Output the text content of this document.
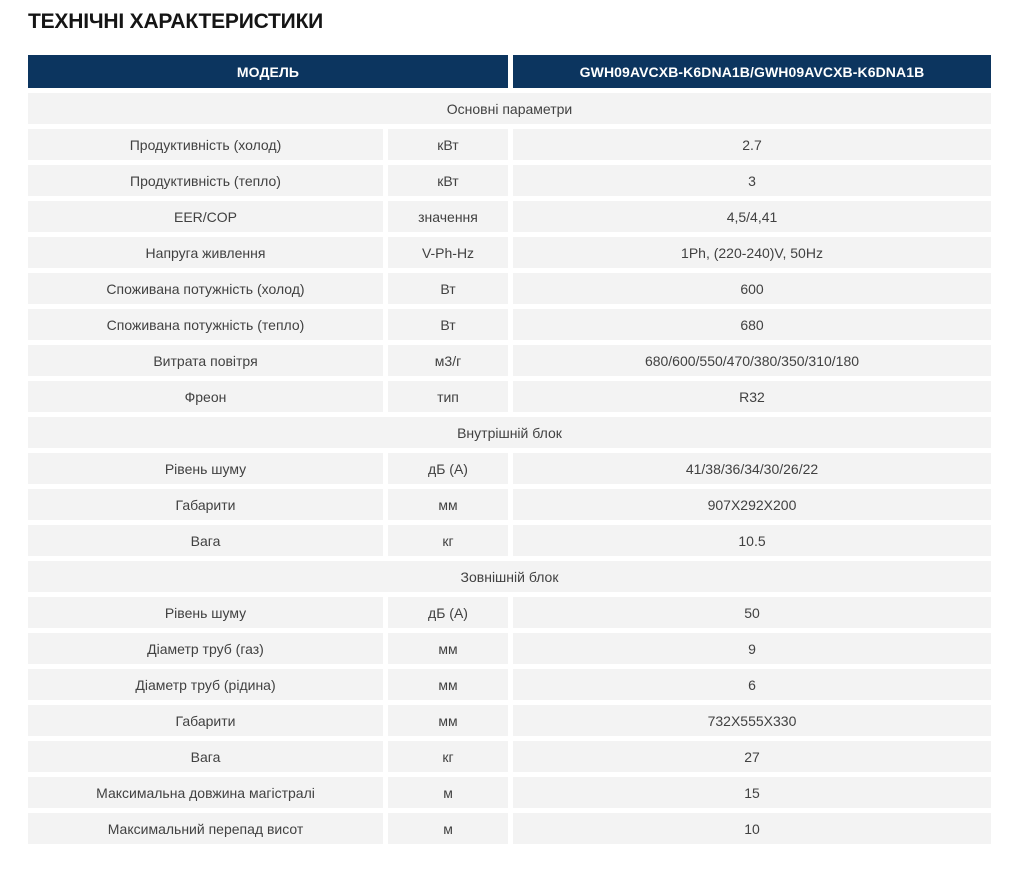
ТЕХНІЧНІ ХАРАКТЕРИСТИКИ
МОДЕЛЬ	GWH09AVCXB-K6DNA1B/GWH09AVCXB-K6DNA1B
Основні параметри
Продуктивність (холод)	кВт	2.7
Продуктивність (тепло)	кВт	3
EER/COP	значення	4,5/4,41
Напруга живлення	V-Ph-Hz	1Ph, (220-240)V, 50Hz
Споживана потужність (холод)	Вт	600
Споживана потужність (тепло)	Вт	680
Витрата повітря	м3/г	680/600/550/470/380/350/310/180
Фреон	тип	R32
Внутрішній блок
Рівень шуму	дБ (А)	41/38/36/34/30/26/22
Габарити	мм	907X292X200
Вага	кг	10.5
Зовнішній блок
Рівень шуму	дБ (А)	50
Діаметр труб (газ)	мм	9
Діаметр труб (рідина)	мм	6
Габарити	мм	732X555X330
Вага	кг	27
Максимальна довжина магістралі	м	15
Максимальний перепад висот	м	10
